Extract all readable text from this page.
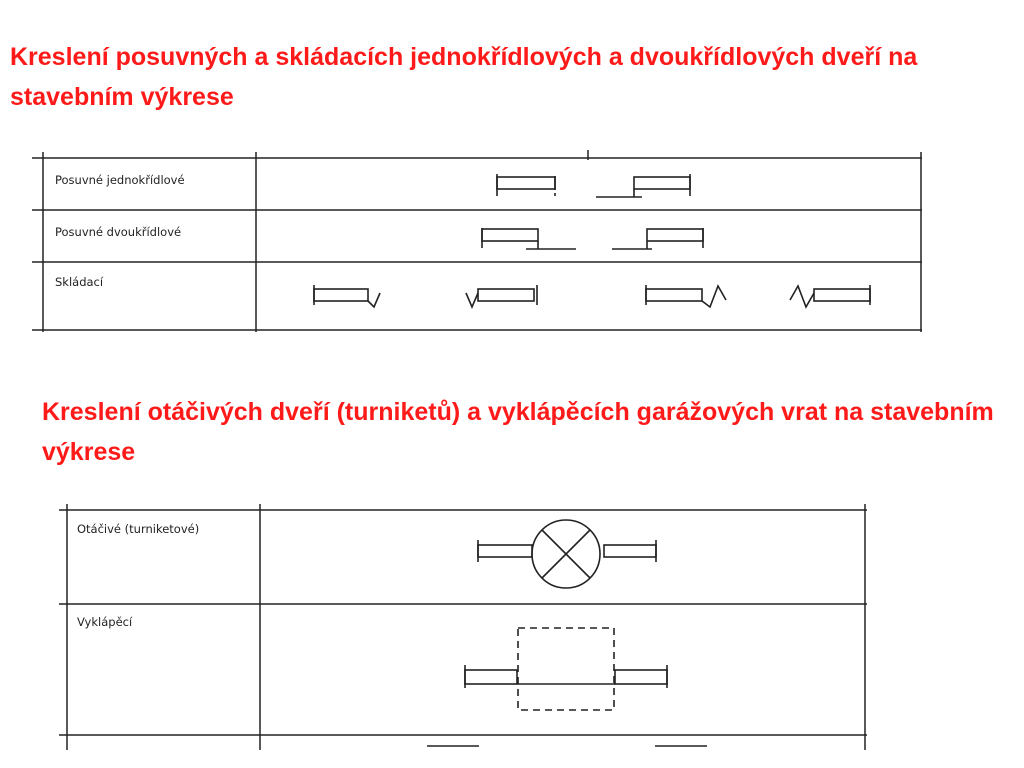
Kreslení posuvných a skládacích jednokřídlových a dvoukřídlových dveří na stavebním výkrese

Posuvné jednokřídlové
Posuvné dvoukřídlové
Skládací

Kreslení otáčivých dveří (turniketů) a vyklápěcích garážových vrat na stavebním výkrese

Otáčivé (turniketové)
Vyklápěcí
